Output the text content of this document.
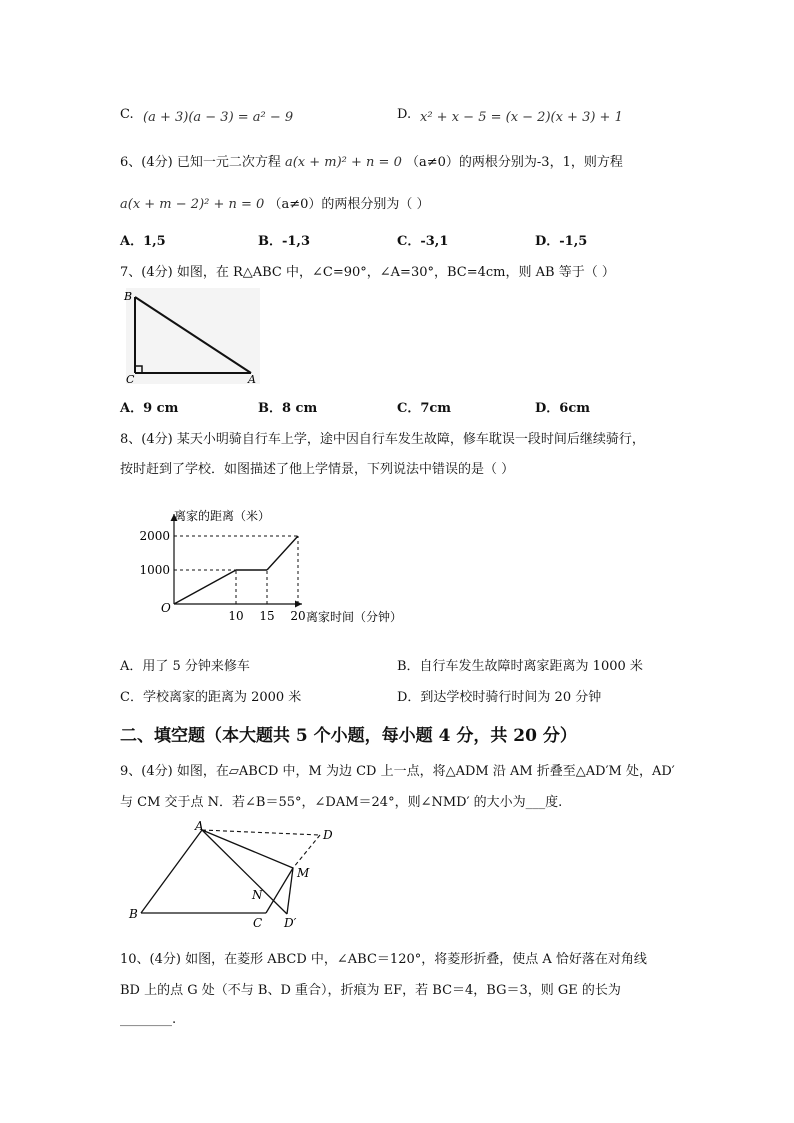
C. (a + 3)(a − 3) = a² − 9	D. x² + x − 5 = (x − 2)(x + 3) + 1
6、(4分) 已知一元二次方程 a(x + m)² + n = 0 （a≠0）的两根分别为-3，1，则方程
a(x + m − 2)² + n = 0 （a≠0）的两根分别为（ ）
A．1,5	B．-1,3	C．-3,1	D．-1,5
7、(4分) 如图，在 R△ABC 中，∠C=90°，∠A=30°，BC=4cm，则 AB 等于（ ）
B
C	A
A．9 cm	B．8 cm	C．7cm	D．6cm
8、(4分) 某天小明骑自行车上学，途中因自行车发生故障，修车耽误一段时间后继续骑行，
按时赶到了学校．如图描述了他上学情景，下列说法中错误的是（ ）
离家的距离（米）
离家时间（分钟）
O
1000
2000
10 15 20
A．用了 5 分钟来修车	B．自行车发生故障时离家距离为 1000 米
C．学校离家的距离为 2000 米	D．到达学校时骑行时间为 20 分钟
二、填空题（本大题共 5 个小题，每小题 4 分，共 20 分）
9、(4分) 如图，在▱ABCD 中，M 为边 CD 上一点，将△ADM 沿 AM 折叠至△AD′M 处，AD′
与 CM 交于点 N．若∠B＝55°，∠DAM＝24°，则∠NMD′ 的大小为___度.
A
D
M
N
B
C D′
10、(4分) 如图，在菱形 ABCD 中，∠ABC＝120°，将菱形折叠，使点 A 恰好落在对角线
BD 上的点 G 处（不与 B、D 重合），折痕为 EF，若 BC＝4，BG＝3，则 GE 的长为
________.
